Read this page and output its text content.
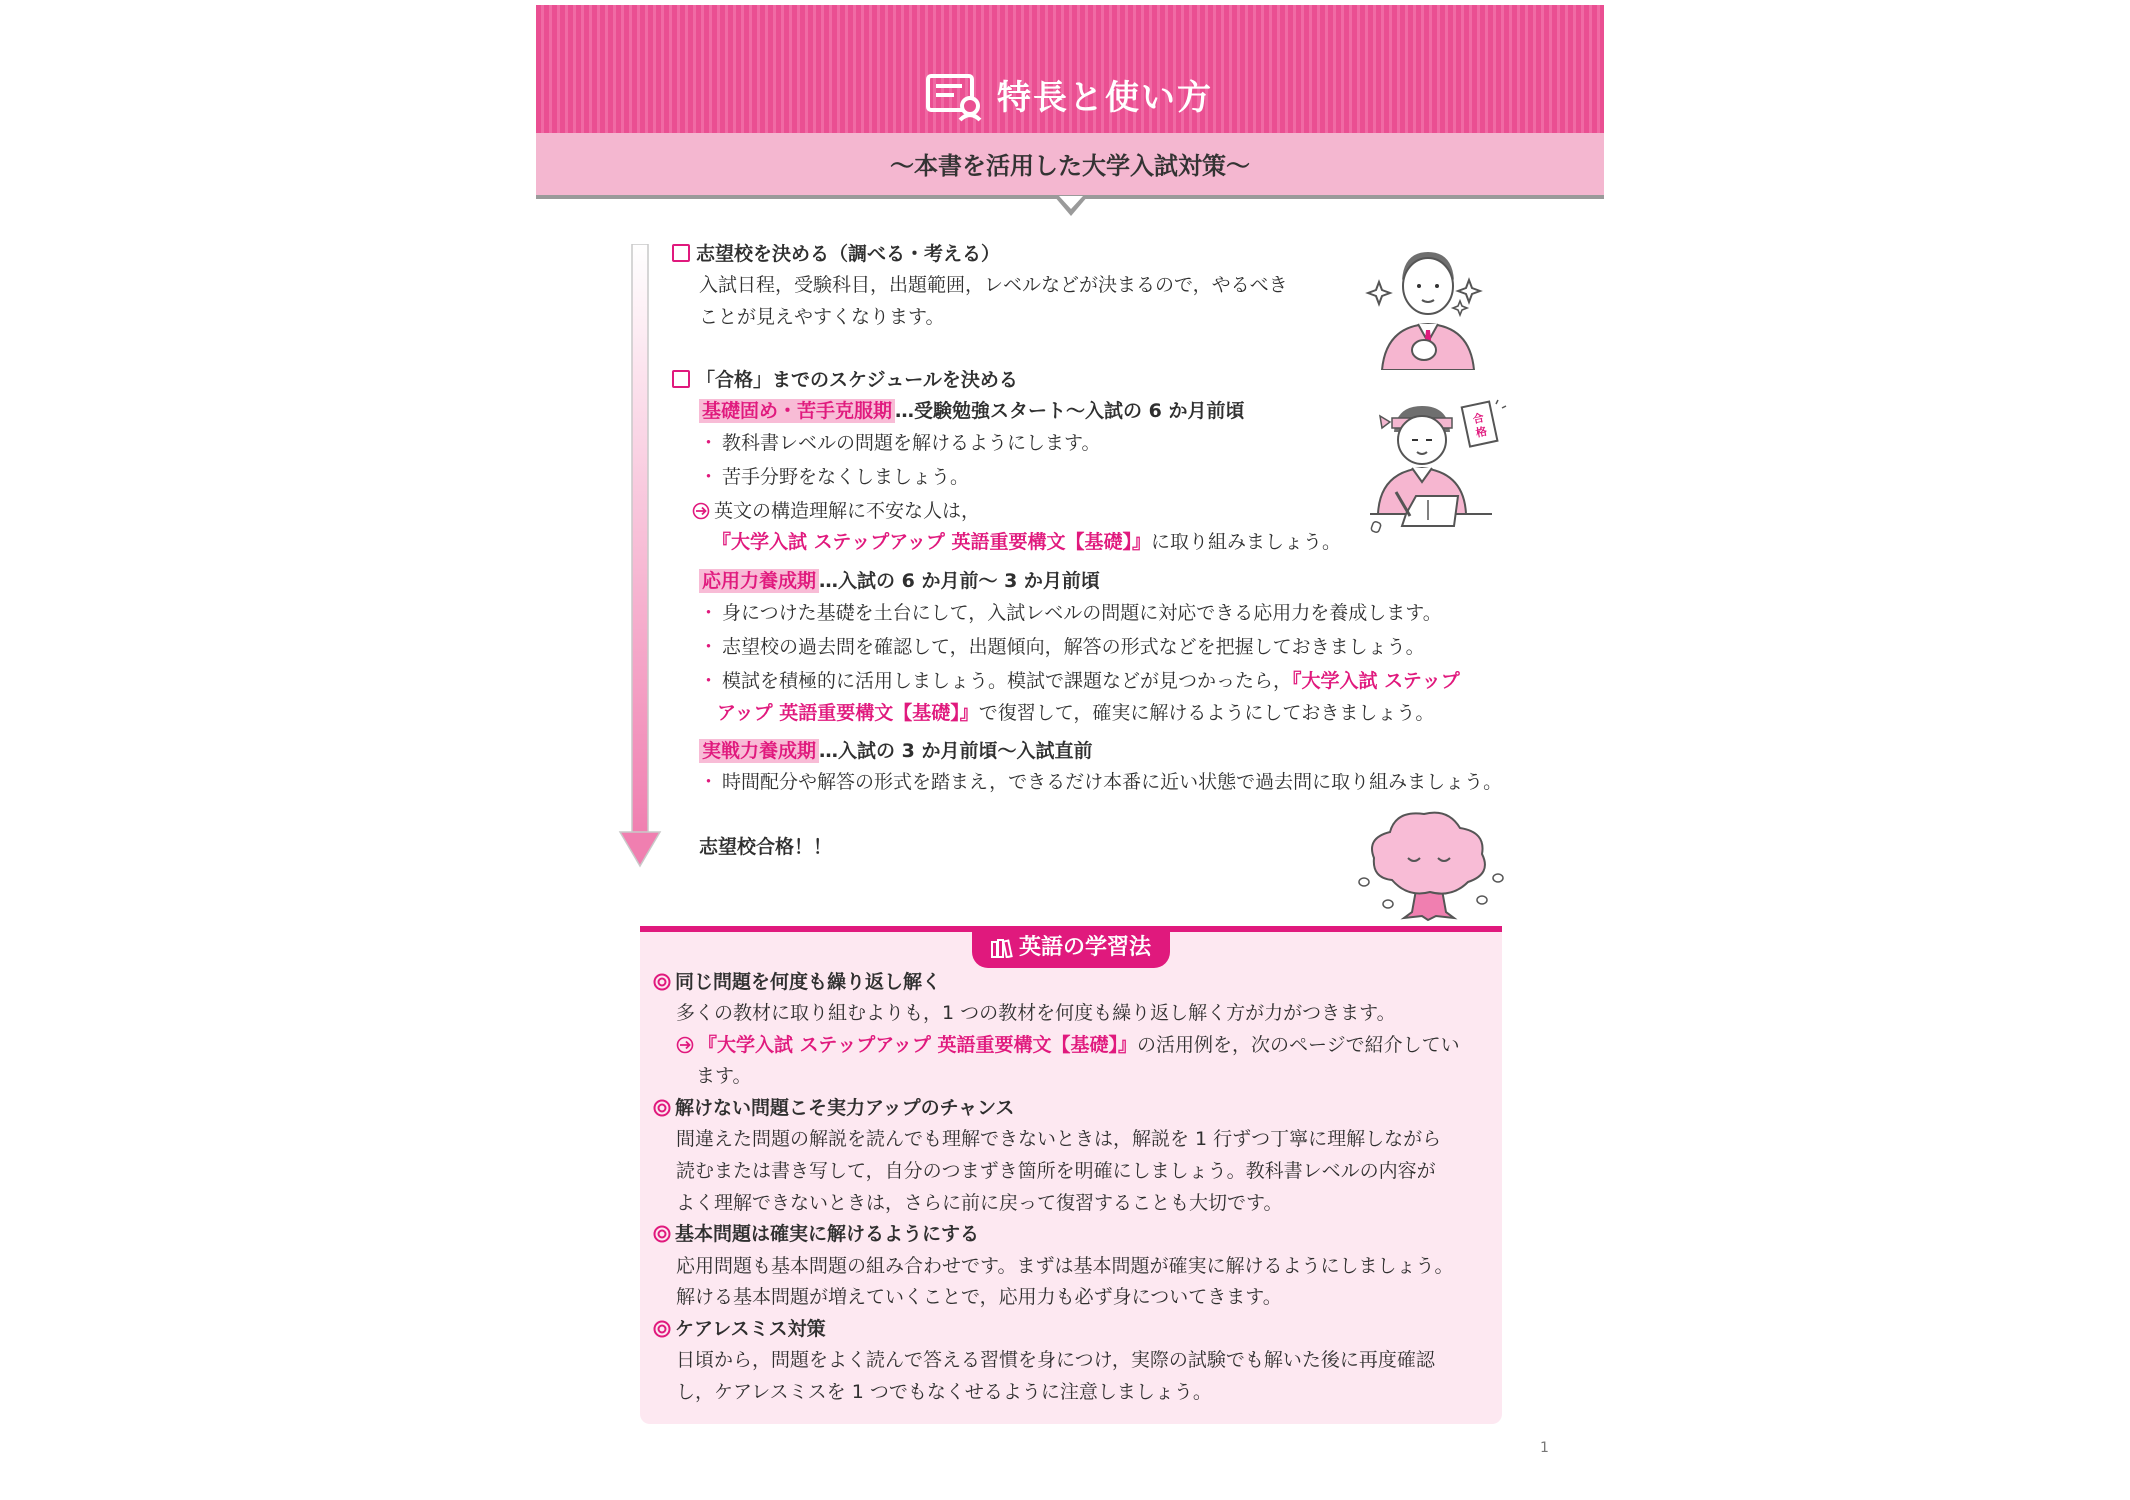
特長と使い方
～本書を活用した大学入試対策～
志望校を決める（調べる・考える）
入試日程，受験科目，出題範囲，レベルなどが決まるので，やるべき
ことが見えやすくなります。
「合格」までのスケジュールを決める
基礎固め・苦手克服期 …受験勉強スタート～入試の 6 か月前頃
・ 教科書レベルの問題を解けるようにします。
・ 苦手分野をなくしましょう。
英文の構造理解に不安な人は，
『大学入試 ステップアップ 英語重要構文【基礎】』に取り組みましょう。
応用力養成期 …入試の 6 か月前～ 3 か月前頃
・ 身につけた基礎を土台にして，入試レベルの問題に対応できる応用力を養成します。
・ 志望校の過去問を確認して，出題傾向，解答の形式などを把握しておきましょう。
・ 模試を積極的に活用しましょう。模試で課題などが見つかったら，『大学入試 ステップ
アップ 英語重要構文【基礎】』で復習して，確実に解けるようにしておきましょう。
実戦力養成期 …入試の 3 か月前頃～入試直前
・ 時間配分や解答の形式を踏まえ，できるだけ本番に近い状態で過去問に取り組みましょう。
志望校合格！！
合
格
英語の学習法
同じ問題を何度も繰り返し解く
多くの教材に取り組むよりも，1 つの教材を何度も繰り返し解く方が力がつきます。
『大学入試 ステップアップ 英語重要構文【基礎】』の活用例を，次のページで紹介してい
ます。
解けない問題こそ実力アップのチャンス
間違えた問題の解説を読んでも理解できないときは，解説を 1 行ずつ丁寧に理解しながら
読むまたは書き写して，自分のつまずき箇所を明確にしましょう。教科書レベルの内容が
よく理解できないときは，さらに前に戻って復習することも大切です。
基本問題は確実に解けるようにする
応用問題も基本問題の組み合わせです。まずは基本問題が確実に解けるようにしましょう。
解ける基本問題が増えていくことで，応用力も必ず身についてきます。
ケアレスミス対策
日頃から，問題をよく読んで答える習慣を身につけ，実際の試験でも解いた後に再度確認
し，ケアレスミスを 1 つでもなくせるように注意しましょう。
1
